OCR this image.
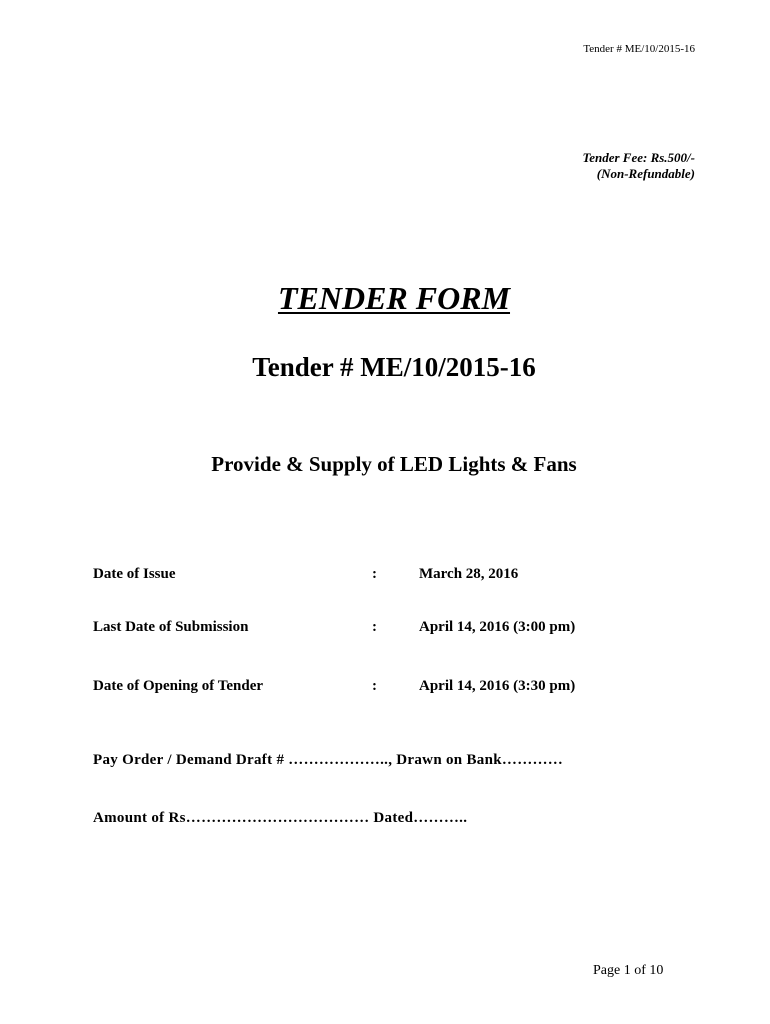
Tender # ME/10/2015-16
Tender Fee: Rs.500/-
(Non-Refundable)
TENDER FORM
Tender # ME/10/2015-16
Provide & Supply of LED Lights & Fans
Date of Issue	:	March 28, 2016
Last Date of Submission	:	April 14, 2016 (3:00 pm)
Date of Opening of Tender	:	April 14, 2016 (3:30 pm)
Pay Order / Demand Draft # ……………….., Drawn on Bank…………
Amount of Rs……………………………… Dated………..
Page 1 of 10
